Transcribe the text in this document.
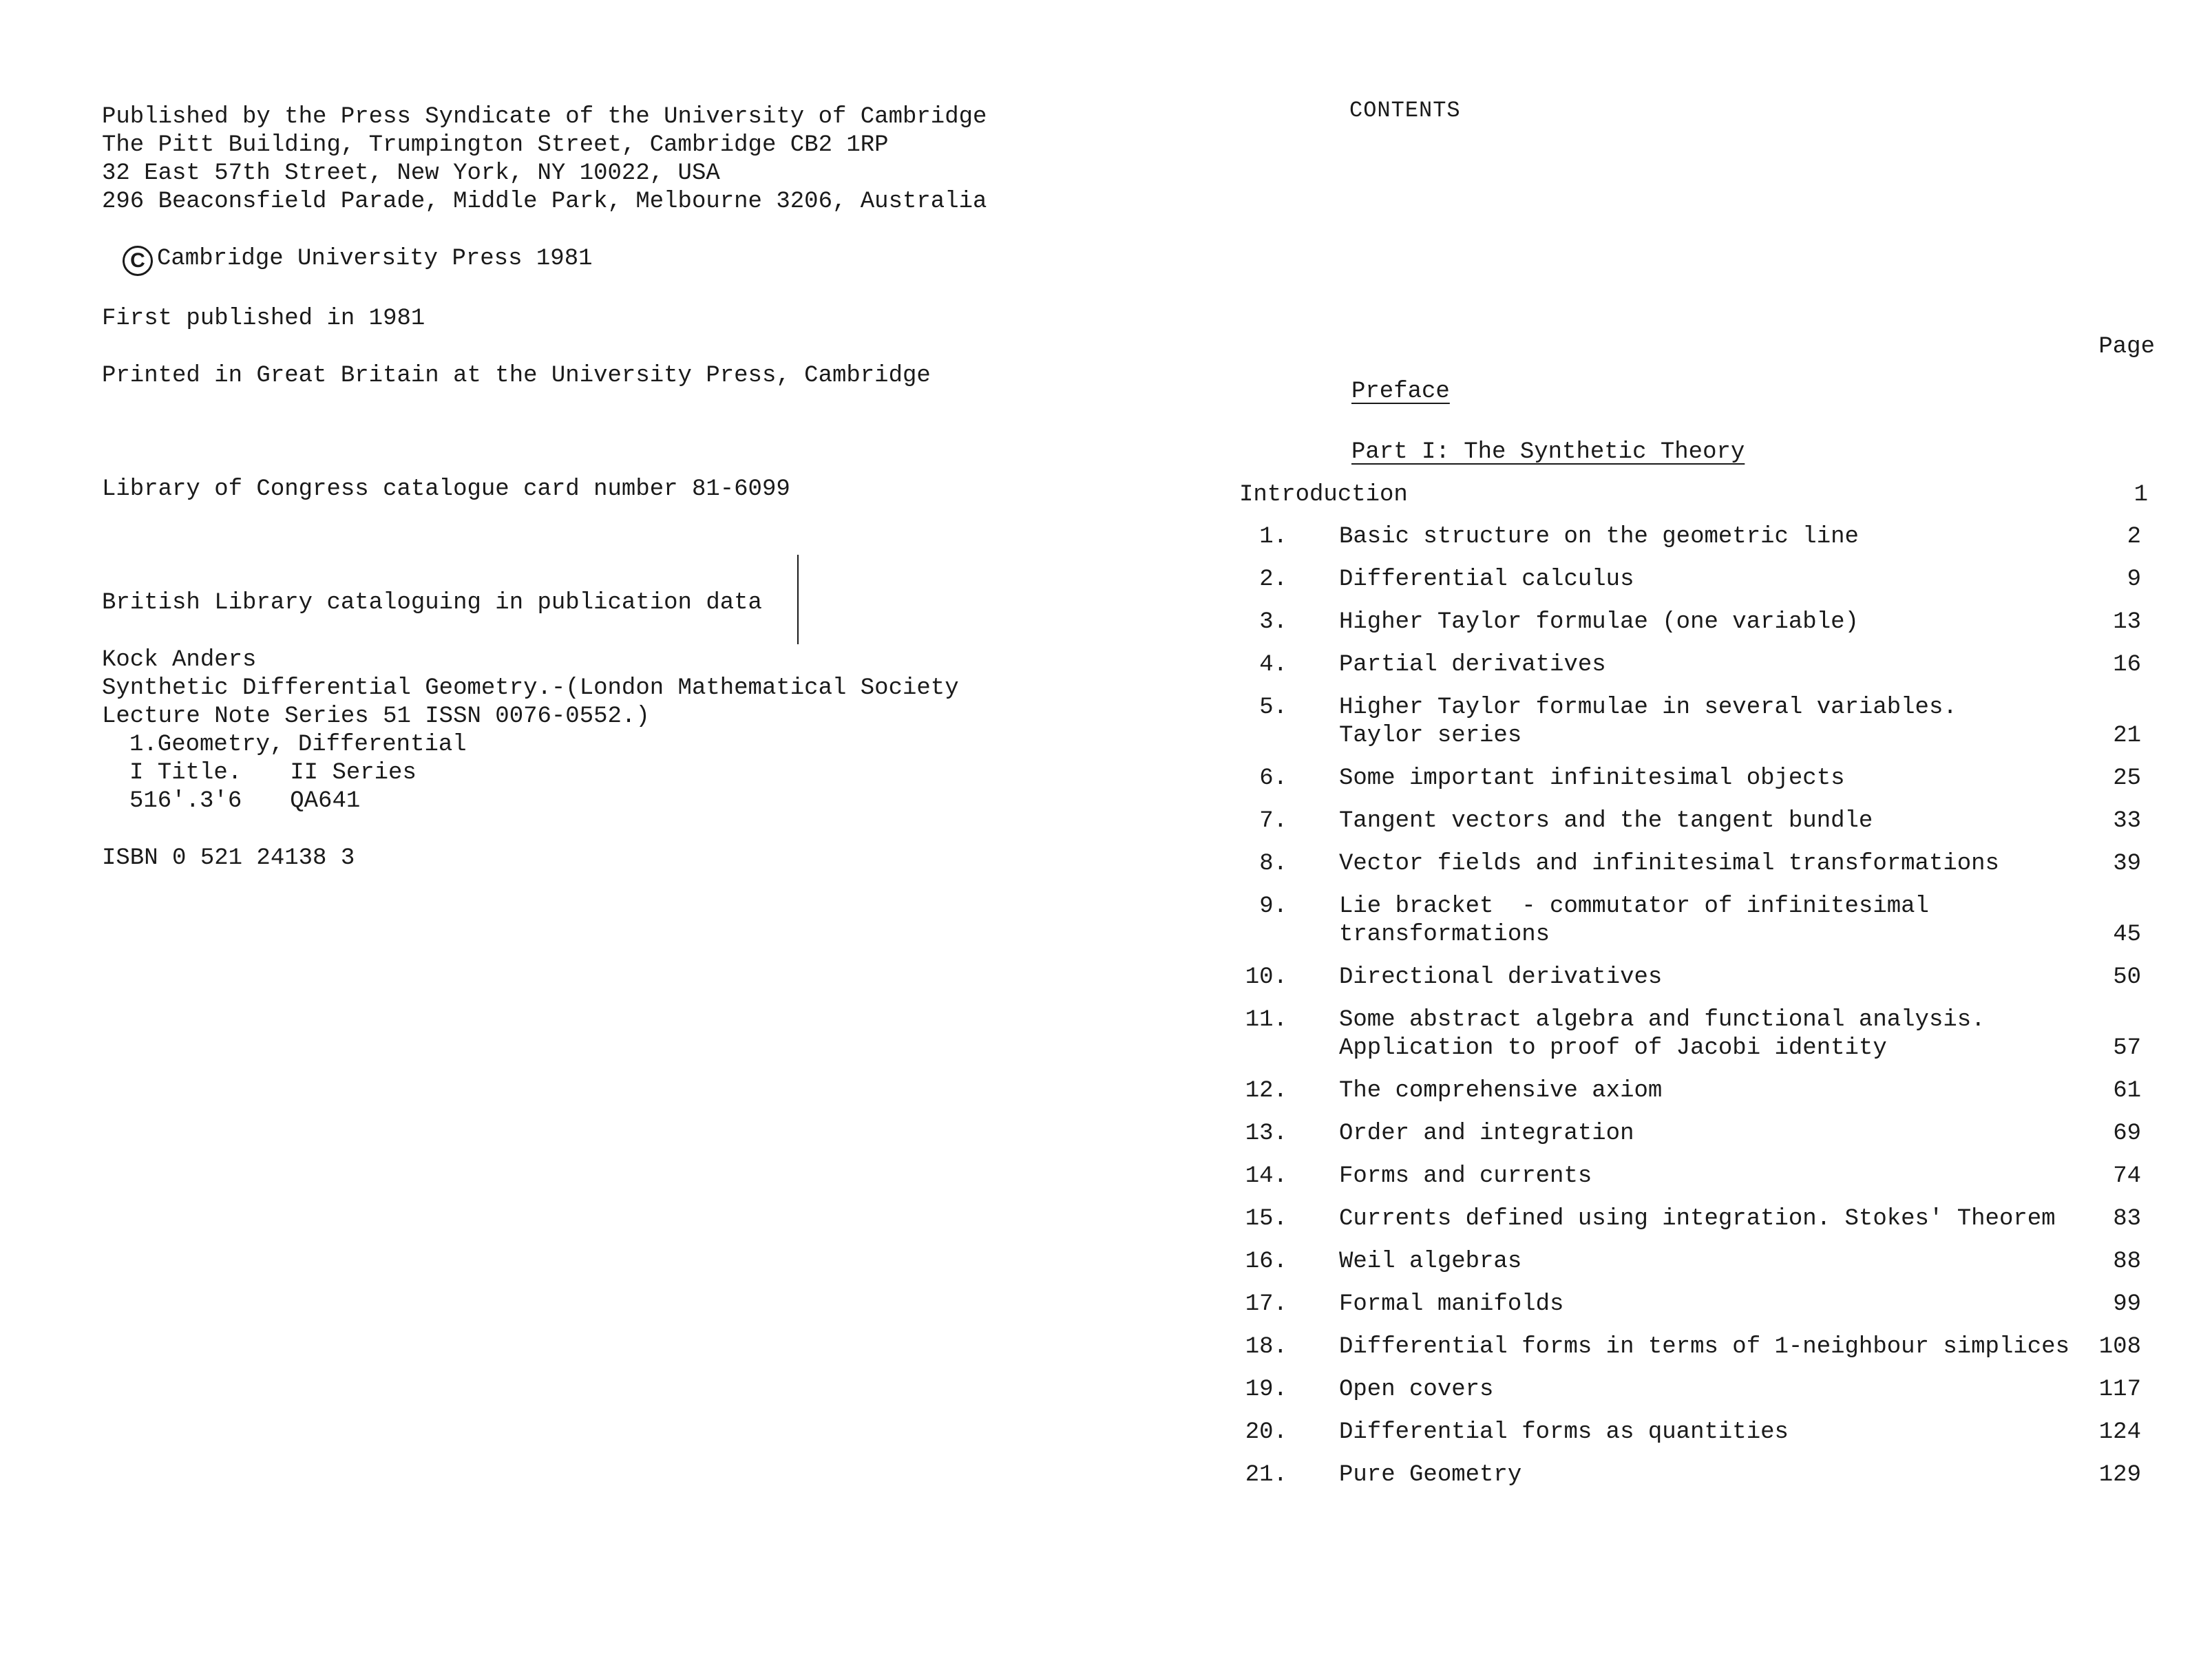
Published by the Press Syndicate of the University of Cambridge
The Pitt Building, Trumpington Street, Cambridge CB2 1RP
32 East 57th Street, New York, NY 10022, USA
296 Beaconsfield Parade, Middle Park, Melbourne 3206, Australia
C Cambridge University Press 1981
First published in 1981
Printed in Great Britain at the University Press, Cambridge
Library of Congress catalogue card number 81-6099
British Library cataloguing in publication data
Kock Anders
Synthetic Differential Geometry.-(London Mathematical Society
Lecture Note Series 51 ISSN 0076-0552.)
1.Geometry, Differential
I Title. II Series
516'.3'6 QA641
ISBN 0 521 24138 3
CONTENTS
Page
Preface
Part I: The Synthetic Theory
Introduction	1
1. Basic structure on the geometric line	2
2. Differential calculus	9
3. Higher Taylor formulae (one variable)	13
4. Partial derivatives	16
5. Higher Taylor formulae in several variables.
Taylor series	21
6. Some important infinitesimal objects	25
7. Tangent vectors and the tangent bundle	33
8. Vector fields and infinitesimal transformations	39
9. Lie bracket  - commutator of infinitesimal
transformations	45
10. Directional derivatives	50
11. Some abstract algebra and functional analysis.
Application to proof of Jacobi identity	57
12. The comprehensive axiom	61
13. Order and integration	69
14. Forms and currents	74
15. Currents defined using integration. Stokes' Theorem	83
16. Weil algebras	88
17. Formal manifolds	99
18. Differential forms in terms of 1-neighbour simplices	108
19. Open covers	117
20. Differential forms as quantities	124
21. Pure Geometry	129
